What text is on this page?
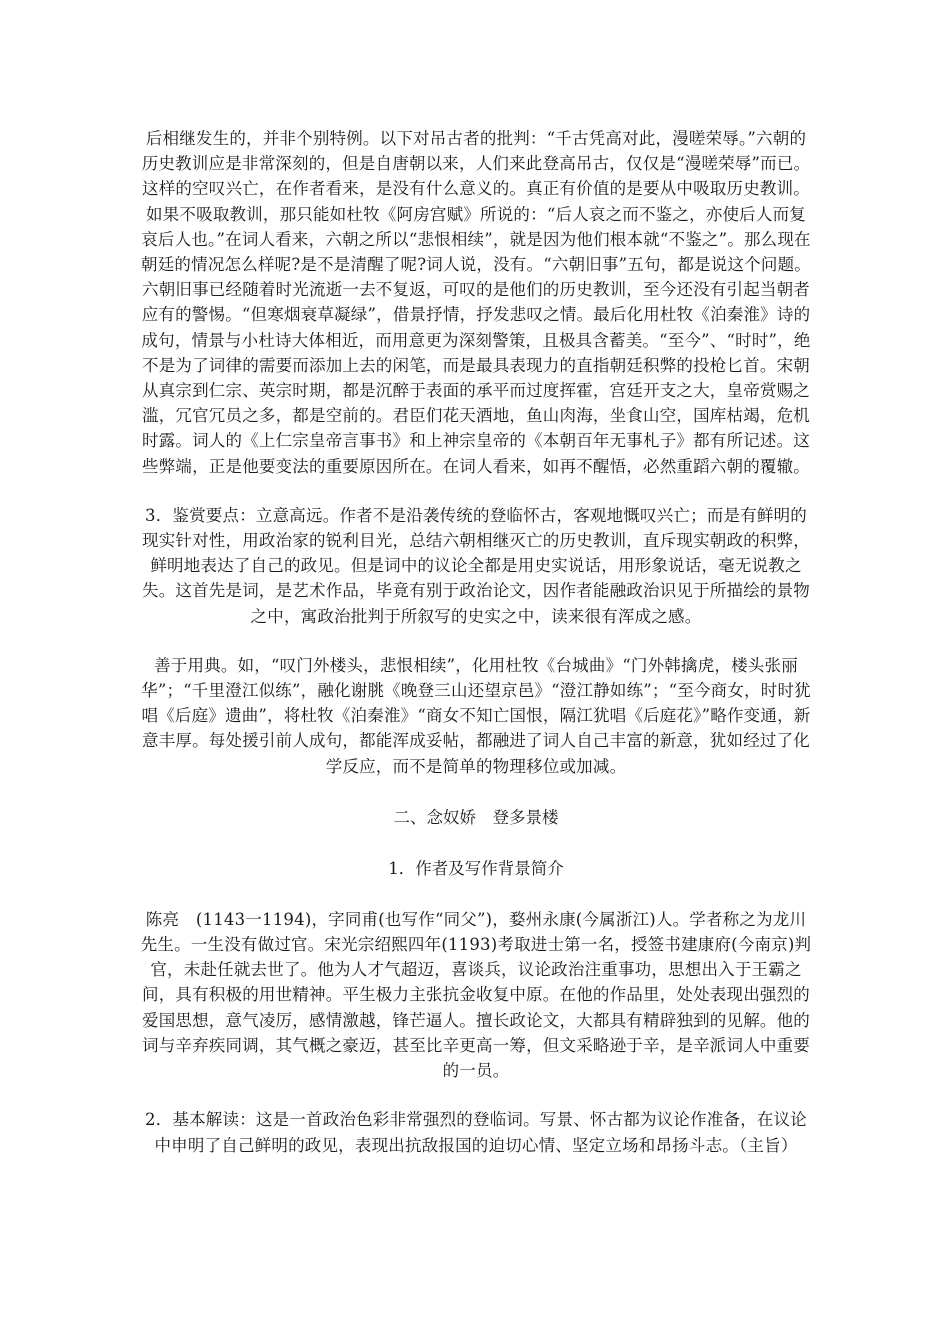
后相继发生的，并非个别特例。以下对吊古者的批判：“千古凭高对此，漫嗟荣辱。”六朝的历史教训应是非常深刻的，但是自唐朝以来，人们来此登高吊古，仅仅是“漫嗟荣辱”而已。这样的空叹兴亡，在作者看来，是没有什么意义的。真正有价值的是要从中吸取历史教训。如果不吸取教训，那只能如杜牧《阿房宫赋》所说的：“后人哀之而不鉴之，亦使后人而复哀后人也。”在词人看来，六朝之所以“悲恨相续”，就是因为他们根本就“不鉴之”。那么现在朝廷的情况怎么样呢?是不是清醒了呢?词人说，没有。“六朝旧事”五句，都是说这个问题。六朝旧事已经随着时光流逝一去不复返，可叹的是他们的历史教训，至今还没有引起当朝者应有的警惕。“但寒烟衰草凝绿”，借景抒情，抒发悲叹之情。最后化用杜牧《泊秦淮》诗的成句，情景与小杜诗大体相近，而用意更为深刻警策，且极具含蓄美。“至今”、“时时”，绝不是为了词律的需要而添加上去的闲笔，而是最具表现力的直指朝廷积弊的投枪匕首。宋朝从真宗到仁宗、英宗时期，都是沉醉于表面的承平而过度挥霍，宫廷开支之大，皇帝赏赐之滥，冗官冗员之多，都是空前的。君臣们花天酒地，鱼山肉海，坐食山空，国库枯竭，危机时露。词人的《上仁宗皇帝言事书》和上神宗皇帝的《本朝百年无事札子》都有所记述。这些弊端，正是他要变法的重要原因所在。在词人看来，如再不醒悟，必然重蹈六朝的覆辙。

3．鉴赏要点：立意高远。作者不是沿袭传统的登临怀古，客观地慨叹兴亡；而是有鲜明的现实针对性，用政治家的锐利目光，总结六朝相继灭亡的历史教训，直斥现实朝政的积弊，鲜明地表达了自己的政见。但是词中的议论全都是用史实说话，用形象说话，毫无说教之失。这首先是词，是艺术作品，毕竟有别于政治论文，因作者能融政治识见于所描绘的景物之中，寓政治批判于所叙写的史实之中，读来很有浑成之感。

善于用典。如，“叹门外楼头，悲恨相续”，化用杜牧《台城曲》“门外韩擒虎，楼头张丽华”；“千里澄江似练”，融化谢朓《晚登三山还望京邑》“澄江静如练”；“至今商女，时时犹唱《后庭》遗曲”，将杜牧《泊秦淮》“商女不知亡国恨，隔江犹唱《后庭花》”略作变通，新意丰厚。每处援引前人成句，都能浑成妥帖，都融进了词人自己丰富的新意，犹如经过了化学反应，而不是简单的物理移位或加减。

二、念奴娇　登多景楼

1．作者及写作背景简介

陈亮　(1143一1194)，字同甫(也写作“同父”)，婺州永康(今属浙江)人。学者称之为龙川先生。一生没有做过官。宋光宗绍熙四年(1193)考取进士第一名，授签书建康府(今南京)判官，未赴任就去世了。他为人才气超迈，喜谈兵，议论政治注重事功，思想出入于王霸之间，具有积极的用世精神。平生极力主张抗金收复中原。在他的作品里，处处表现出强烈的爱国思想，意气凌厉，感情激越，锋芒逼人。擅长政论文，大都具有精辟独到的见解。他的词与辛弃疾同调，其气概之豪迈，甚至比辛更高一筹，但文采略逊于辛，是辛派词人中重要的一员。

2．基本解读：这是一首政治色彩非常强烈的登临词。写景、怀古都为议论作准备，在议论中申明了自己鲜明的政见，表现出抗敌报国的迫切心情、坚定立场和昂扬斗志。（主旨）
